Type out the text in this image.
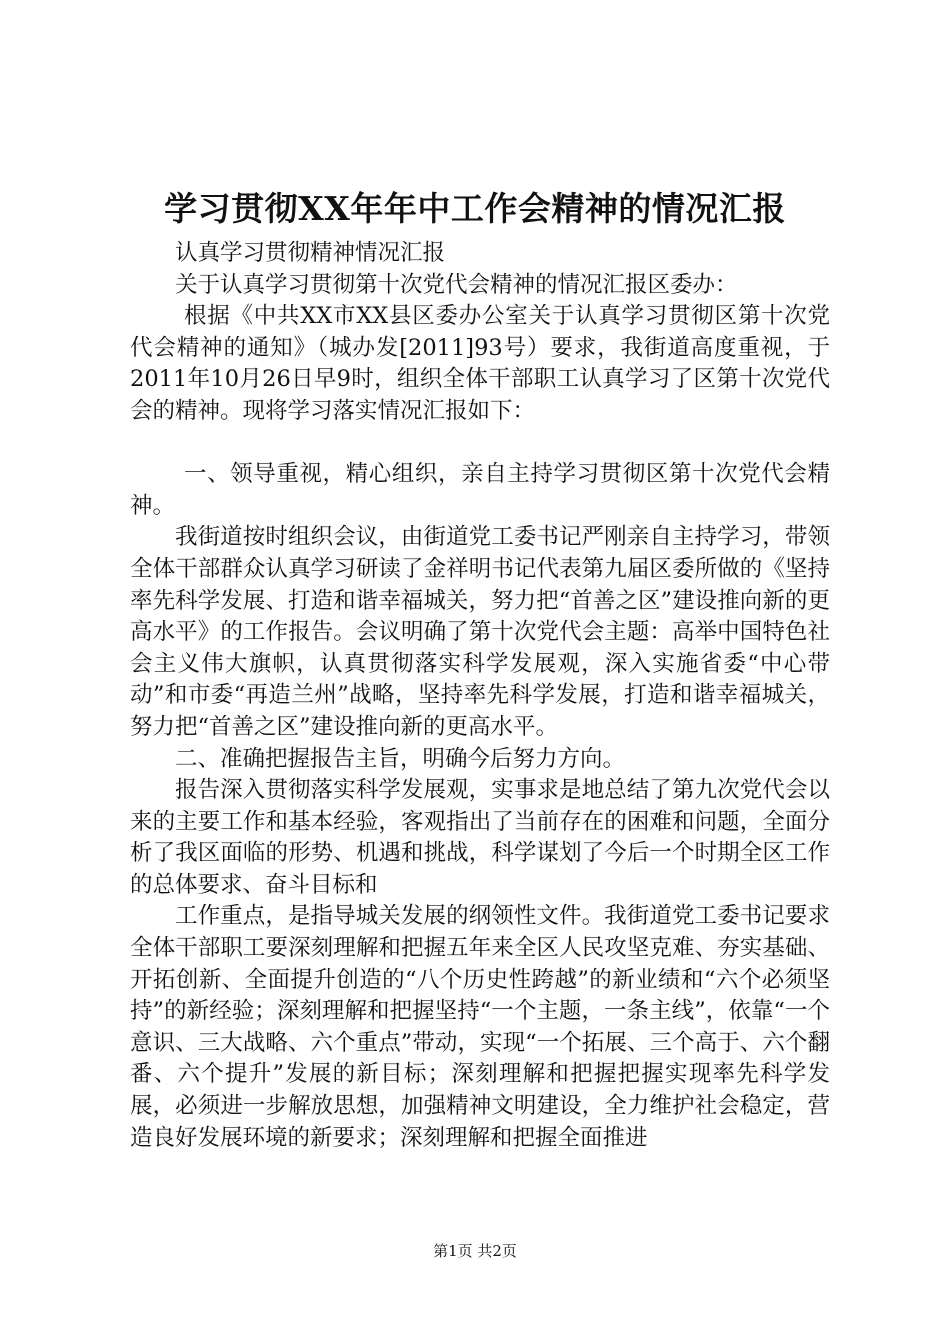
学习贯彻XX年年中工作会精神的情况汇报

认真学习贯彻精神情况汇报

关于认真学习贯彻第十次党代会精神的情况汇报区委办：

根据《中共XX市XX县区委办公室关于认真学习贯彻区第十次党代会精神的通知》（城办发[2011]93号）要求，我街道高度重视，于2011年10月26日早9时，组织全体干部职工认真学习了区第十次党代会的精神。现将学习落实情况汇报如下：

一、领导重视，精心组织，亲自主持学习贯彻区第十次党代会精神。

我街道按时组织会议，由街道党工委书记严刚亲自主持学习，带领全体干部群众认真学习研读了金祥明书记代表第九届区委所做的《坚持率先科学发展、打造和谐幸福城关，努力把“首善之区”建设推向新的更高水平》的工作报告。会议明确了第十次党代会主题：高举中国特色社会主义伟大旗帜，认真贯彻落实科学发展观，深入实施省委“中心带动”和市委“再造兰州”战略，坚持率先科学发展，打造和谐幸福城关，努力把“首善之区”建设推向新的更高水平。

二、准确把握报告主旨，明确今后努力方向。

报告深入贯彻落实科学发展观，实事求是地总结了第九次党代会以来的主要工作和基本经验，客观指出了当前存在的困难和问题，全面分析了我区面临的形势、机遇和挑战，科学谋划了今后一个时期全区工作的总体要求、奋斗目标和

工作重点，是指导城关发展的纲领性文件。我街道党工委书记要求全体干部职工要深刻理解和把握五年来全区人民攻坚克难、夯实基础、开拓创新、全面提升创造的“八个历史性跨越”的新业绩和“六个必须坚持”的新经验；深刻理解和把握坚持“一个主题，一条主线”，依靠“一个意识、三大战略、六个重点”带动，实现“一个拓展、三个高于、六个翻番、六个提升”发展的新目标；深刻理解和把握把握实现率先科学发展，必须进一步解放思想，加强精神文明建设，全力维护社会稳定，营造良好发展环境的新要求；深刻理解和把握全面推进

第1页 共2页
